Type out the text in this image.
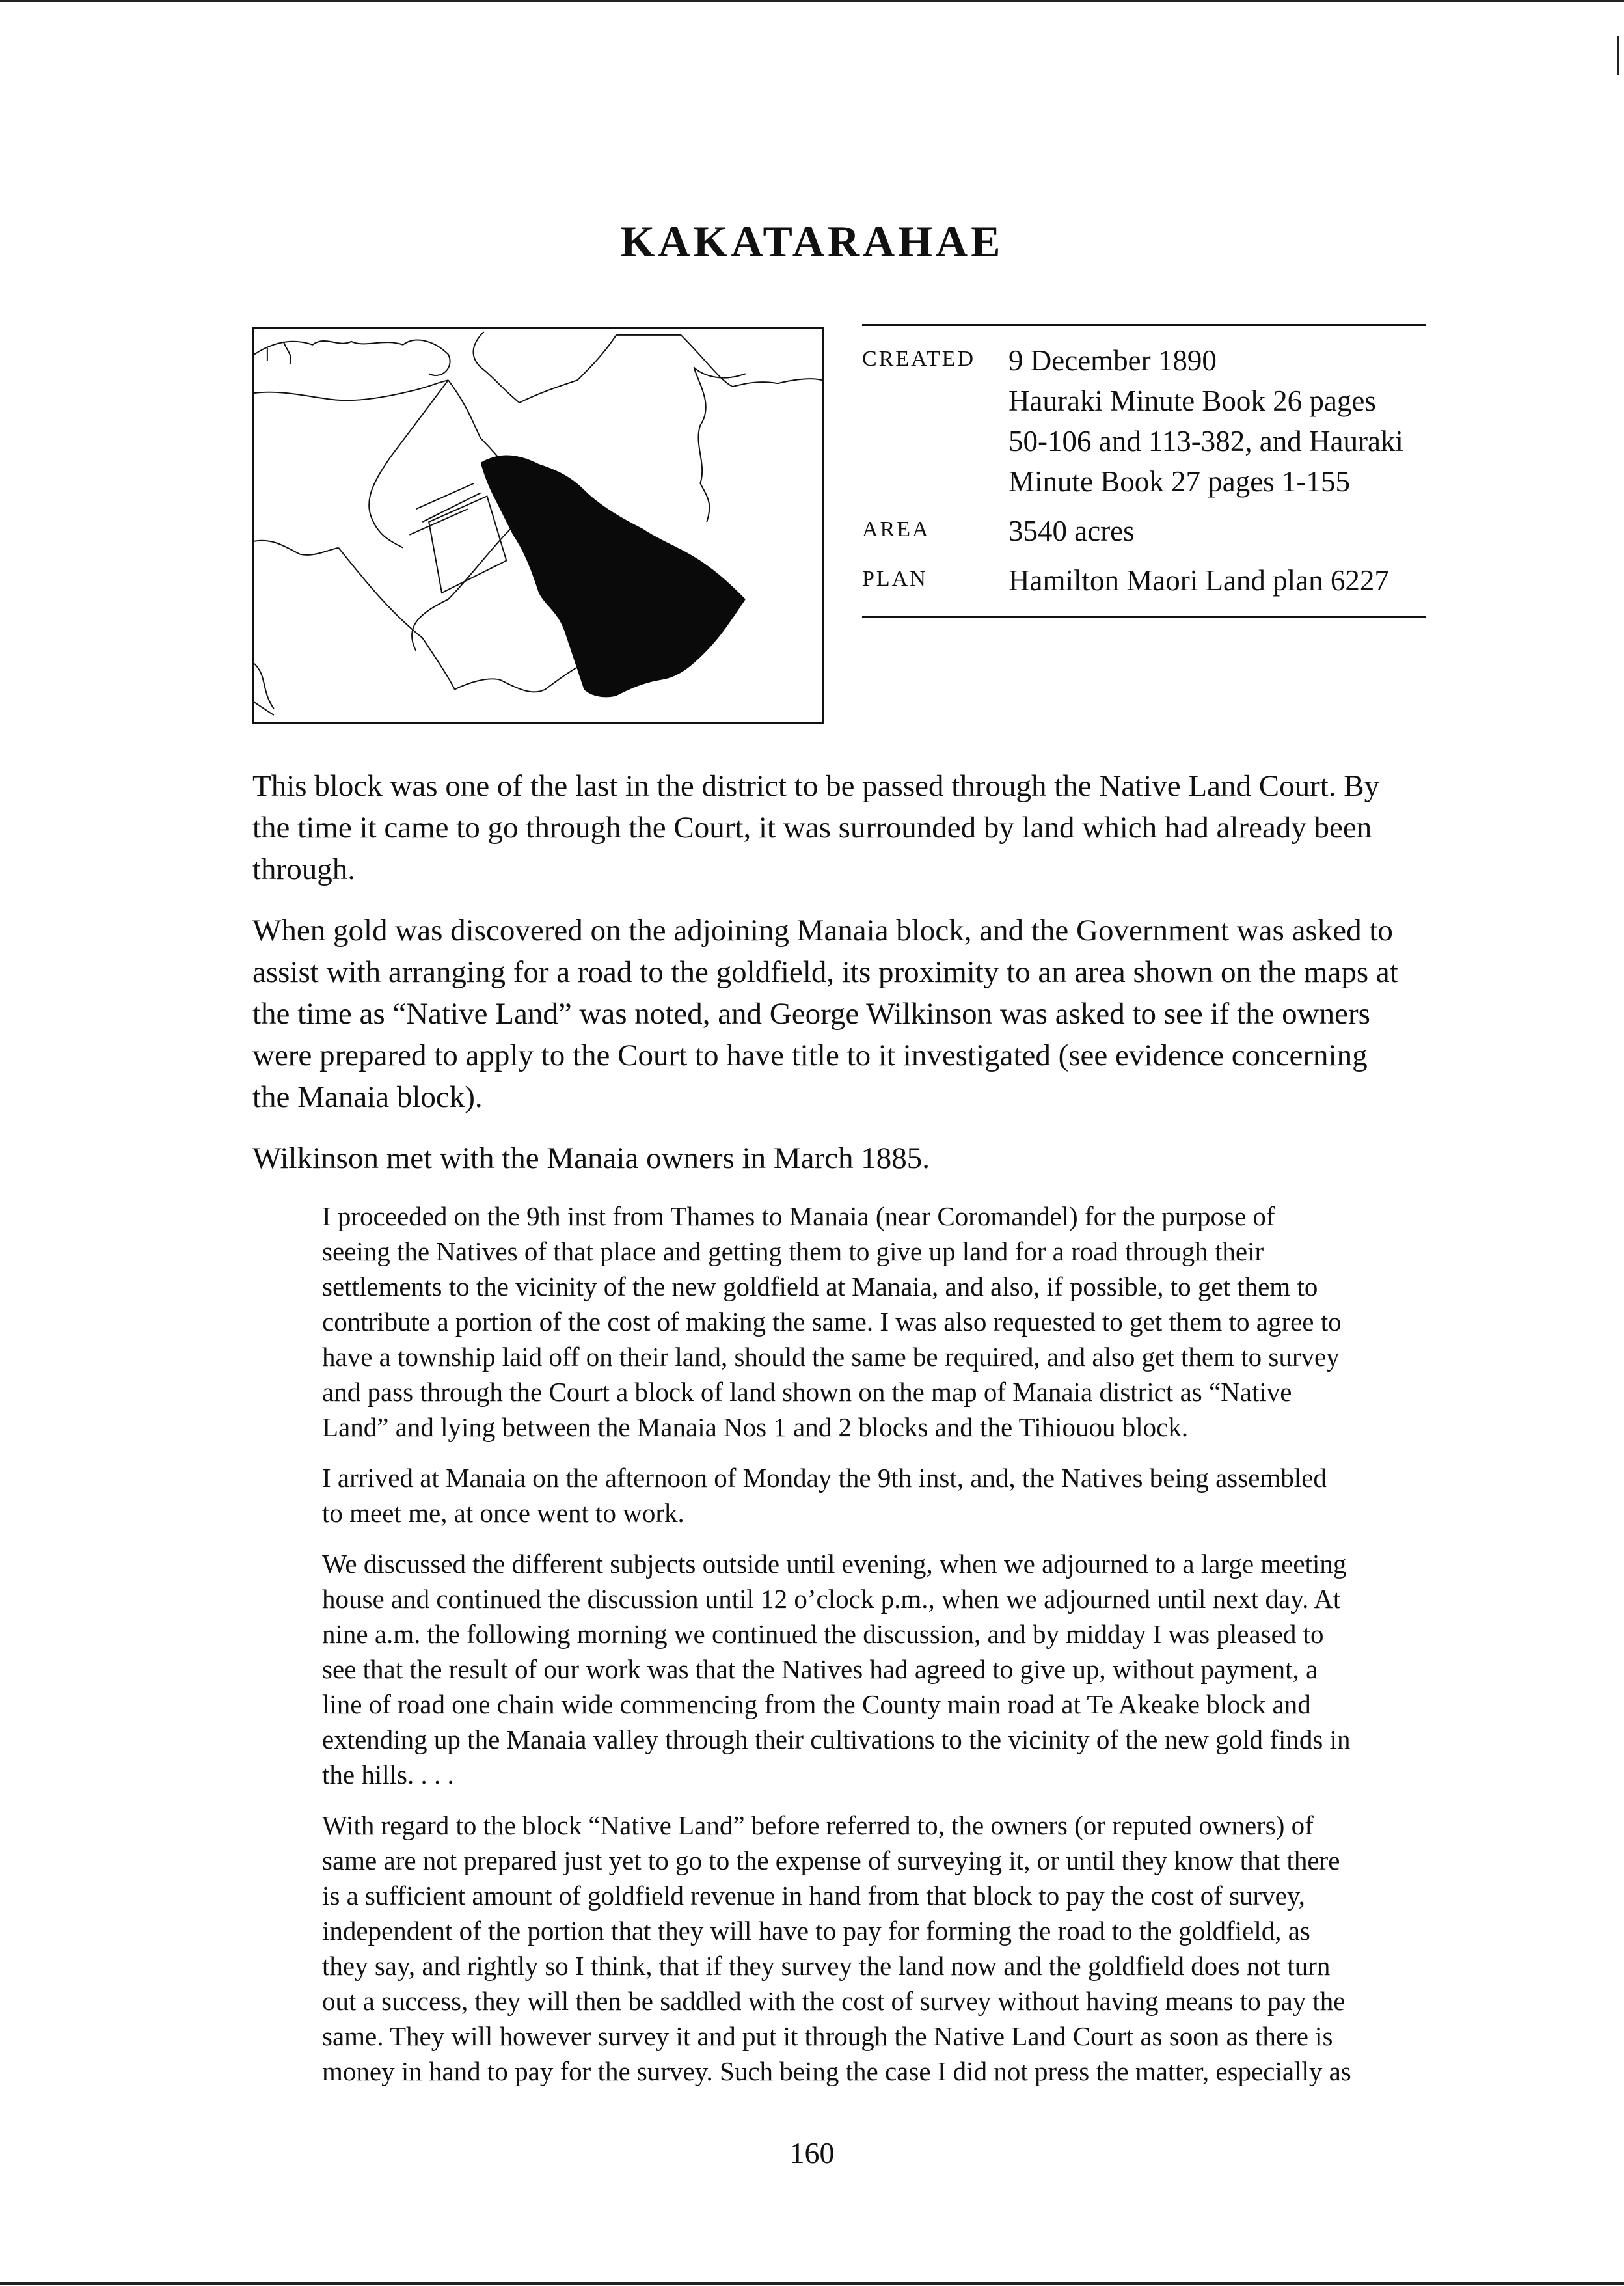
KAKATARAHAE
CREATED	9 December 1890
Hauraki Minute Book 26 pages
50-106 and 113-382, and Hauraki
Minute Book 27 pages 1-155
AREA	3540 acres
PLAN	Hamilton Maori Land plan 6227

This block was one of the last in the district to be passed through the Native Land Court. By
the time it came to go through the Court, it was surrounded by land which had already been
through.

When gold was discovered on the adjoining Manaia block, and the Government was asked to
assist with arranging for a road to the goldfield, its proximity to an area shown on the maps at
the time as “Native Land” was noted, and George Wilkinson was asked to see if the owners
were prepared to apply to the Court to have title to it investigated (see evidence concerning
the Manaia block).

Wilkinson met with the Manaia owners in March 1885.

I proceeded on the 9th inst from Thames to Manaia (near Coromandel) for the purpose of
seeing the Natives of that place and getting them to give up land for a road through their
settlements to the vicinity of the new goldfield at Manaia, and also, if possible, to get them to
contribute a portion of the cost of making the same. I was also requested to get them to agree to
have a township laid off on their land, should the same be required, and also get them to survey
and pass through the Court a block of land shown on the map of Manaia district as “Native
Land” and lying between the Manaia Nos 1 and 2 blocks and the Tihiouou block.

I arrived at Manaia on the afternoon of Monday the 9th inst, and, the Natives being assembled
to meet me, at once went to work.

We discussed the different subjects outside until evening, when we adjourned to a large meeting
house and continued the discussion until 12 o’clock p.m., when we adjourned until next day. At
nine a.m. the following morning we continued the discussion, and by midday I was pleased to
see that the result of our work was that the Natives had agreed to give up, without payment, a
line of road one chain wide commencing from the County main road at Te Akeake block and
extending up the Manaia valley through their cultivations to the vicinity of the new gold finds in
the hills. . . .

With regard to the block “Native Land” before referred to, the owners (or reputed owners) of
same are not prepared just yet to go to the expense of surveying it, or until they know that there
is a sufficient amount of goldfield revenue in hand from that block to pay the cost of survey,
independent of the portion that they will have to pay for forming the road to the goldfield, as
they say, and rightly so I think, that if they survey the land now and the goldfield does not turn
out a success, they will then be saddled with the cost of survey without having means to pay the
same. They will however survey it and put it through the Native Land Court as soon as there is
money in hand to pay for the survey. Such being the case I did not press the matter, especially as

160
